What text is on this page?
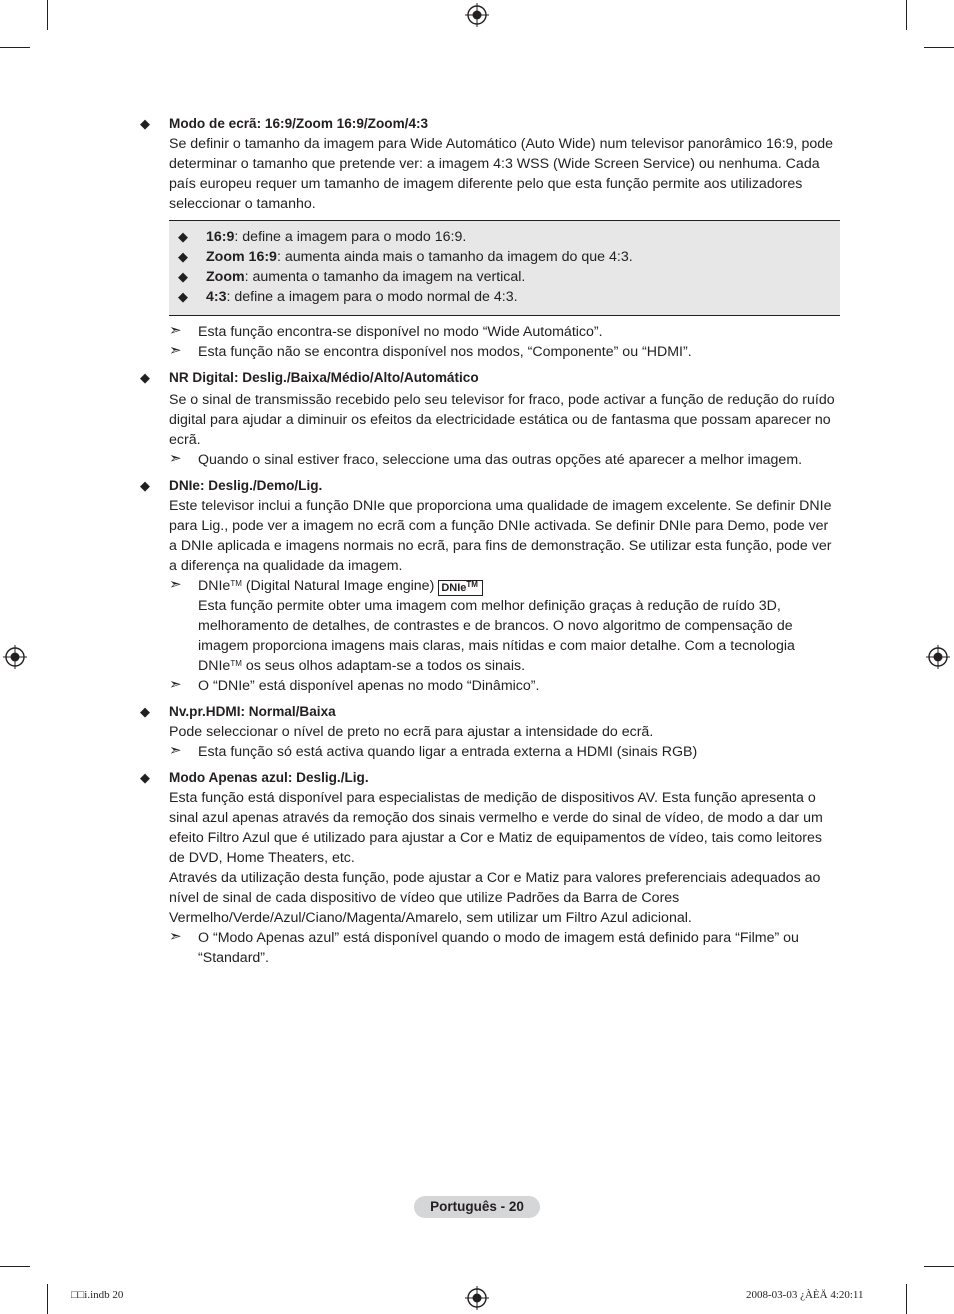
◆ Modo de ecrã: 16:9/Zoom 16:9/Zoom/4:3

Se definir o tamanho da imagem para Wide Automático (Auto Wide) num televisor panorâmico 16:9, pode determinar o tamanho que pretende ver: a imagem 4:3 WSS (Wide Screen Service) ou nenhuma. Cada país europeu requer um tamanho de imagem diferente pelo que esta função permite aos utilizadores seleccionar o tamanho.

◆ 16:9: define a imagem para o modo 16:9.
◆ Zoom 16:9: aumenta ainda mais o tamanho da imagem do que 4:3.
◆ Zoom: aumenta o tamanho da imagem na vertical.
◆ 4:3: define a imagem para o modo normal de 4:3.
➣ Esta função encontra-se disponível no modo “Wide Automático”.
➣ Esta função não se encontra disponível nos modos, “Componente” ou “HDMI”.
◆ NR Digital: Deslig./Baixa/Médio/Alto/Automático

Se o sinal de transmissão recebido pelo seu televisor for fraco, pode activar a função de redução do ruído digital para ajudar a diminuir os efeitos da electricidade estática ou de fantasma que possam aparecer no ecrã.

➣ Quando o sinal estiver fraco, seleccione uma das outras opções até aparecer a melhor imagem.
◆ DNIe: Deslig./Demo/Lig.

Este televisor inclui a função DNIe que proporciona uma qualidade de imagem excelente. Se definir DNIe para Lig., pode ver a imagem no ecrã com a função DNIe activada. Se definir DNIe para Demo, pode ver a DNIe aplicada e imagens normais no ecrã, para fins de demonstração. Se utilizar esta função, pode ver a diferença na qualidade da imagem.

➣ DNIe™ (Digital Natural Image engine) DNIe™
Esta função permite obter uma imagem com melhor definição graças à redução de ruído 3D, melhoramento de detalhes, de contrastes e de brancos. O novo algoritmo de compensação de imagem proporciona imagens mais claras, mais nítidas e com maior detalhe. Com a tecnologia DNIe™ os seus olhos adaptam-se a todos os sinais.
➣ O “DNIe” está disponível apenas no modo “Dinâmico”.
◆ Nv.pr.HDMI: Normal/Baixa

Pode seleccionar o nível de preto no ecrã para ajustar a intensidade do ecrã.

➣ Esta função só está activa quando ligar a entrada externa a HDMI (sinais RGB)
◆ Modo Apenas azul: Deslig./Lig.

Esta função está disponível para especialistas de medição de dispositivos AV. Esta função apresenta o sinal azul apenas através da remoção dos sinais vermelho e verde do sinal de vídeo, de modo a dar um efeito Filtro Azul que é utilizado para ajustar a Cor e Matiz de equipamentos de vídeo, tais como leitores de DVD, Home Theaters, etc.

Através da utilização desta função, pode ajustar a Cor e Matiz para valores preferenciais adequados ao nível de sinal de cada dispositivo de vídeo que utilize Padrões da Barra de Cores Vermelho/Verde/Azul/Ciano/Magenta/Amarelo, sem utilizar um Filtro Azul adicional.

➣ O “Modo Apenas azul” está disponível quando o modo de imagem está definido para “Filme” ou “Standard”.
Português - 20
□□i.indb 20	2008-03-03 ¿ÀÈÄ 4:20:11
